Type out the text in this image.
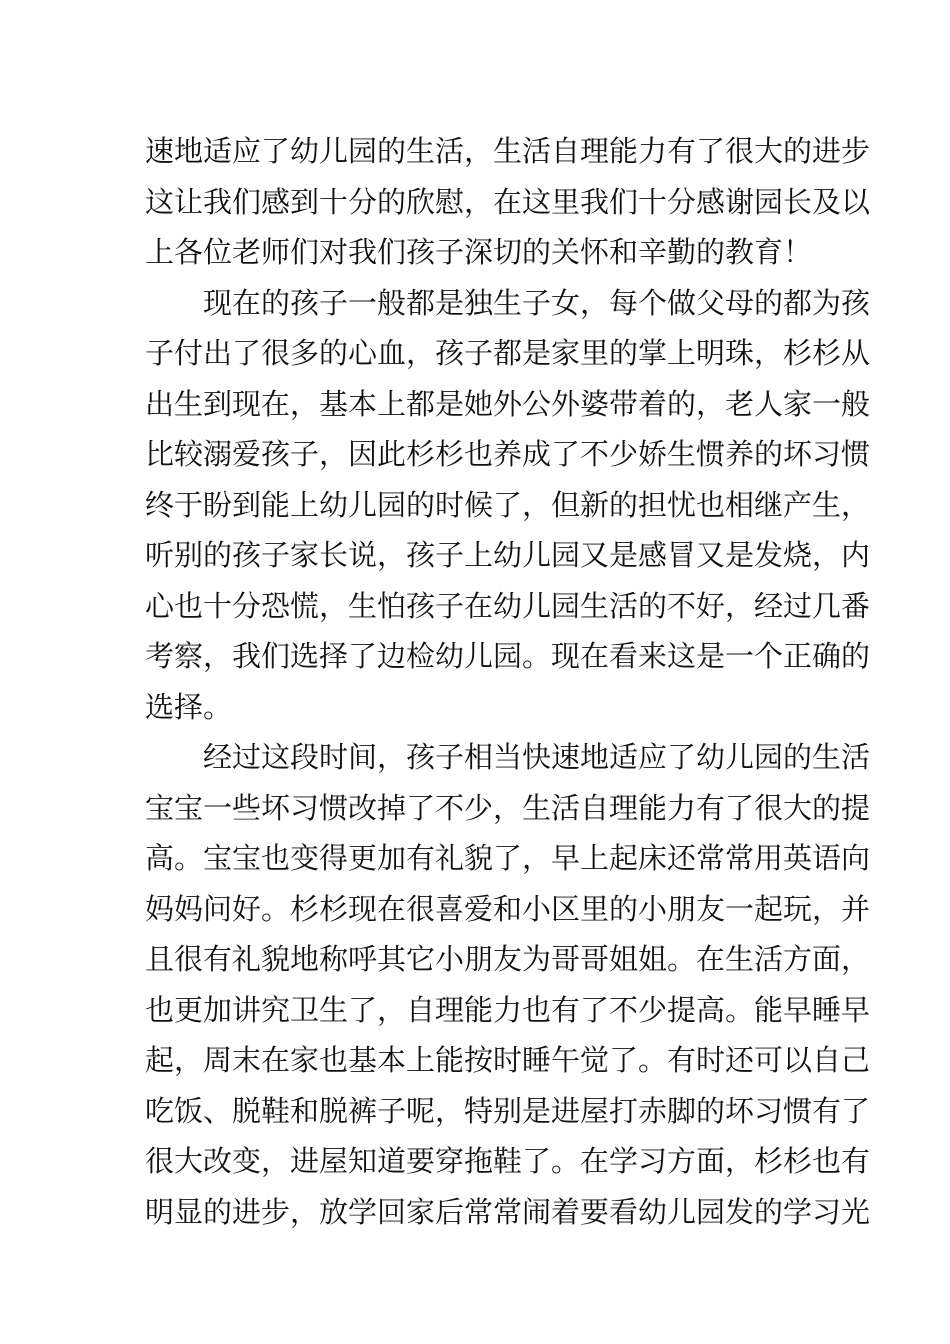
速地适应了幼儿园的生活，生活自理能力有了很大的进步
这让我们感到十分的欣慰，在这里我们十分感谢园长及以
上各位老师们对我们孩子深切的关怀和辛勤的教育！
　　现在的孩子一般都是独生子女，每个做父母的都为孩
子付出了很多的心血，孩子都是家里的掌上明珠，杉杉从
出生到现在，基本上都是她外公外婆带着的，老人家一般
比较溺爱孩子，因此杉杉也养成了不少娇生惯养的坏习惯
终于盼到能上幼儿园的时候了，但新的担忧也相继产生，
听别的孩子家长说，孩子上幼儿园又是感冒又是发烧，内
心也十分恐慌，生怕孩子在幼儿园生活的不好，经过几番
考察，我们选择了边检幼儿园。现在看来这是一个正确的
选择。
　　经过这段时间，孩子相当快速地适应了幼儿园的生活
宝宝一些坏习惯改掉了不少，生活自理能力有了很大的提
高。宝宝也变得更加有礼貌了，早上起床还常常用英语向
妈妈问好。杉杉现在很喜爱和小区里的小朋友一起玩，并
且很有礼貌地称呼其它小朋友为哥哥姐姐。在生活方面，
也更加讲究卫生了，自理能力也有了不少提高。能早睡早
起，周末在家也基本上能按时睡午觉了。有时还可以自己
吃饭、脱鞋和脱裤子呢，特别是进屋打赤脚的坏习惯有了
很大改变，进屋知道要穿拖鞋了。在学习方面，杉杉也有
明显的进步，放学回家后常常闹着要看幼儿园发的学习光
